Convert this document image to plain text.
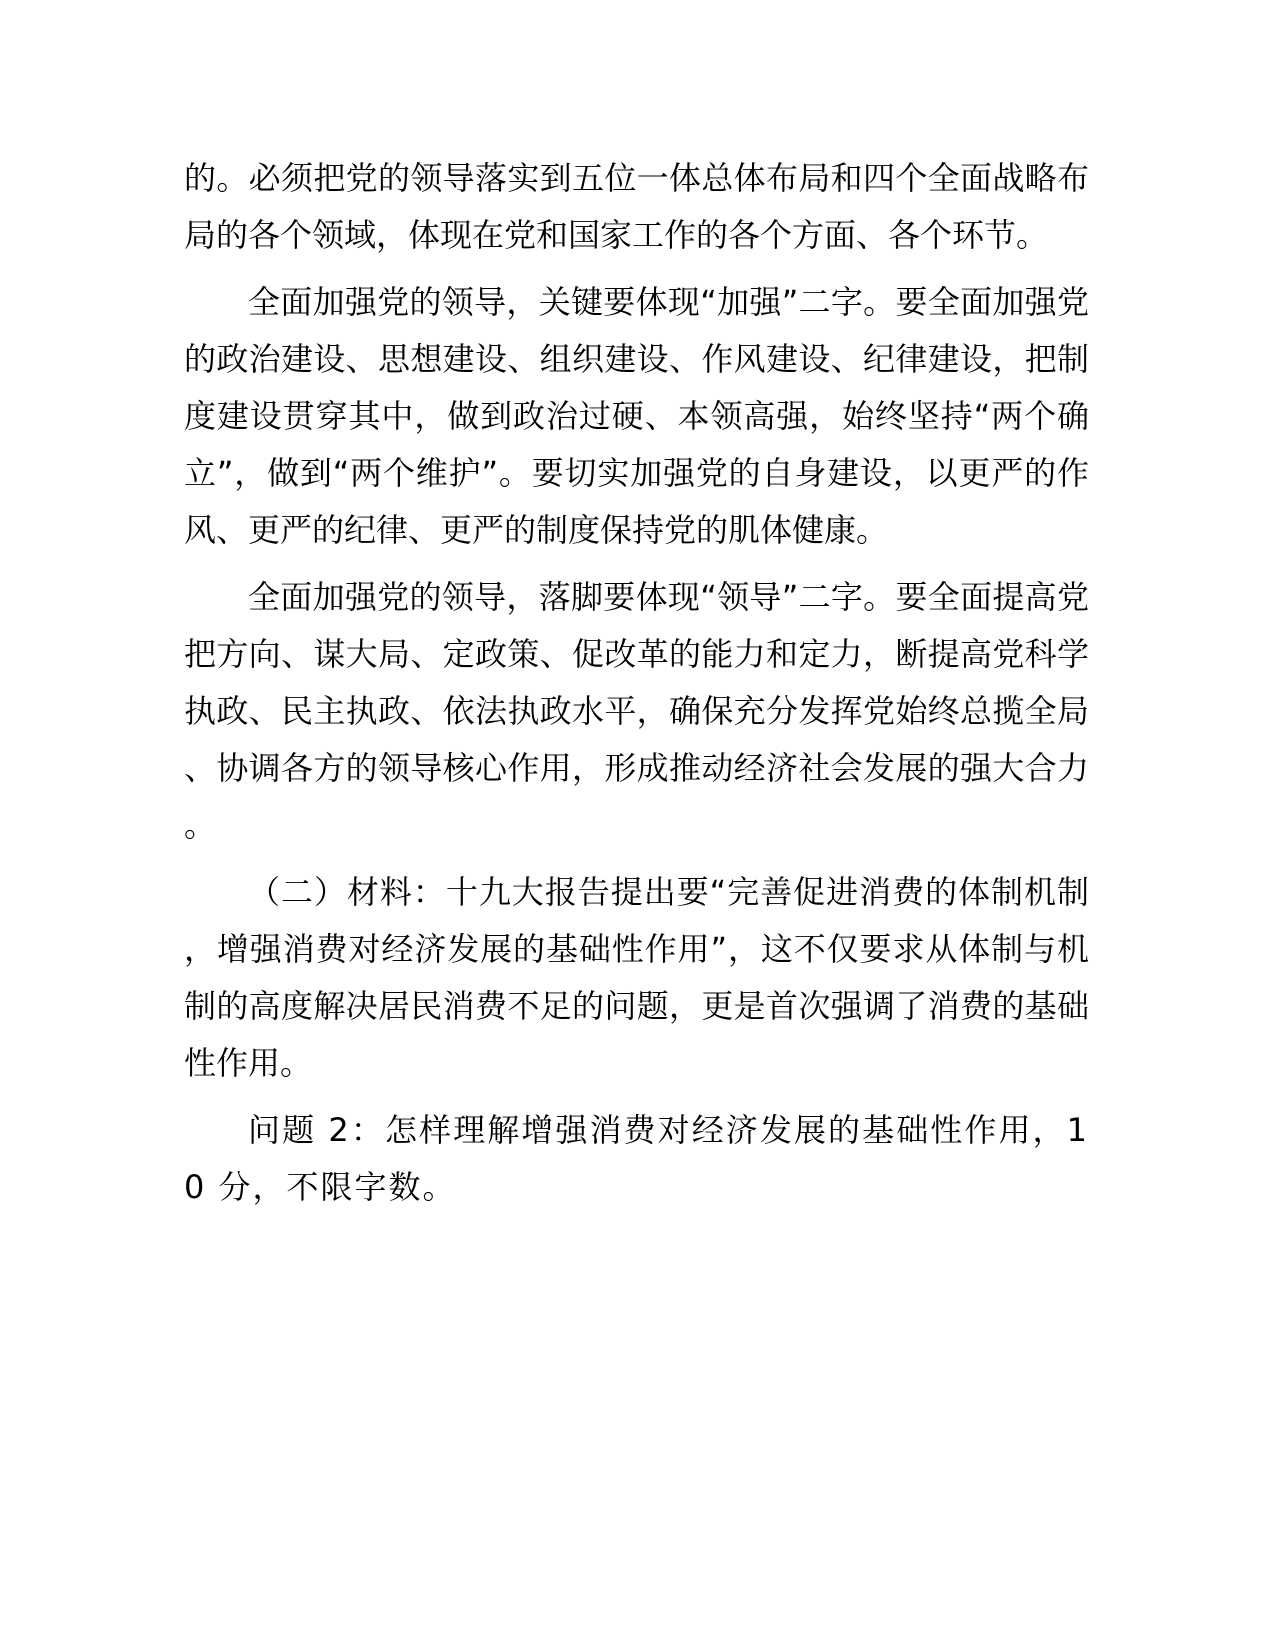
的。必须把党的领导落实到五位一体总体布局和四个全面战略布局的各个领域，体现在党和国家工作的各个方面、各个环节。

全面加强党的领导，关键要体现“加强”二字。要全面加强党的政治建设、思想建设、组织建设、作风建设、纪律建设，把制度建设贯穿其中，做到政治过硬、本领高强，始终坚持“两个确立”，做到“两个维护”。要切实加强党的自身建设，以更严的作风、更严的纪律、更严的制度保持党的肌体健康。

全面加强党的领导，落脚要体现“领导”二字。要全面提高党把方向、谋大局、定政策、促改革的能力和定力，断提高党科学执政、民主执政、依法执政水平，确保充分发挥党始终总揽全局、协调各方的领导核心作用，形成推动经济社会发展的强大合力。

（二）材料：十九大报告提出要“完善促进消费的体制机制，增强消费对经济发展的基础性作用”，这不仅要求从体制与机制的高度解决居民消费不足的问题，更是首次强调了消费的基础性作用。

问题 2：怎样理解增强消费对经济发展的基础性作用，10 分，不限字数。
